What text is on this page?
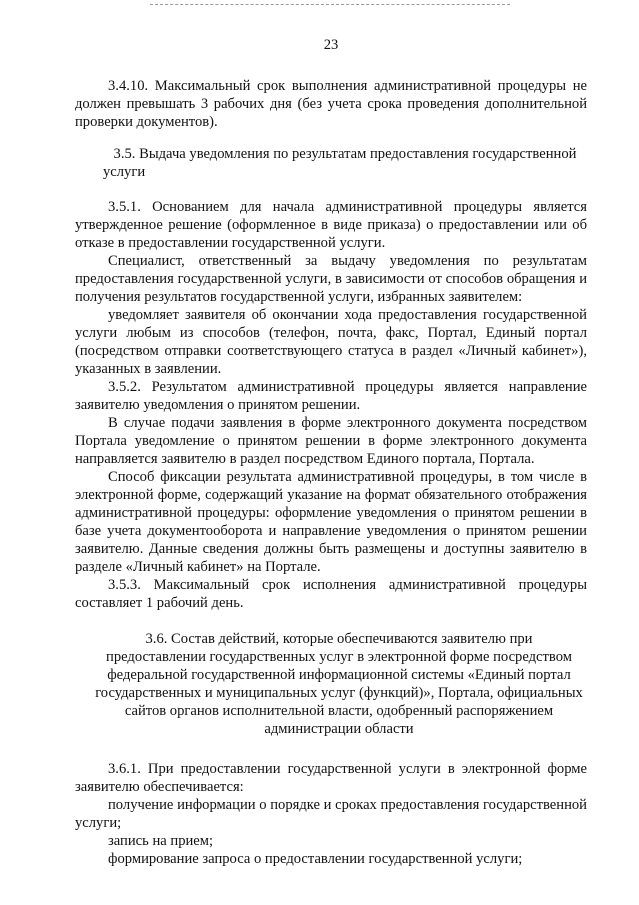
23

3.4.10. Максимальный срок выполнения административной процедуры не должен превышать 3 рабочих дня (без учета срока проведения дополнительной проверки документов).

3.5. Выдача уведомления по результатам предоставления государственной услуги

3.5.1. Основанием для начала административной процедуры является утвержденное решение (оформленное в виде приказа) о предоставлении или об отказе в предоставлении государственной услуги.

Специалист, ответственный за выдачу уведомления по результатам предоставления государственной услуги, в зависимости от способов обращения и получения результатов государственной услуги, избранных заявителем:

уведомляет заявителя об окончании хода предоставления государственной услуги любым из способов (телефон, почта, факс, Портал, Единый портал (посредством отправки соответствующего статуса в раздел «Личный кабинет»), указанных в заявлении.

3.5.2. Результатом административной процедуры является направление заявителю уведомления о принятом решении.

В случае подачи заявления в форме электронного документа посредством Портала уведомление о принятом решении в форме электронного документа направляется заявителю в раздел посредством Единого портала, Портала.

Способ фиксации результата административной процедуры, в том числе в электронной форме, содержащий указание на формат обязательного отображения административной процедуры: оформление уведомления о принятом решении в базе учета документооборота и направление уведомления о принятом решении заявителю. Данные сведения должны быть размещены и доступны заявителю в разделе «Личный кабинет» на Портале.

3.5.3. Максимальный срок исполнения административной процедуры составляет 1 рабочий день.

3.6. Состав действий, которые обеспечиваются заявителю при
предоставлении государственных услуг в электронной форме посредством
федеральной государственной информационной системы «Единый портал
государственных и муниципальных услуг (функций)», Портала, официальных
сайтов органов исполнительной власти, одобренный распоряжением
администрации области

3.6.1. При предоставлении государственной услуги в электронной форме заявителю обеспечивается:

получение информации о порядке и сроках предоставления государственной услуги;

запись на прием;

формирование запроса о предоставлении государственной услуги;
